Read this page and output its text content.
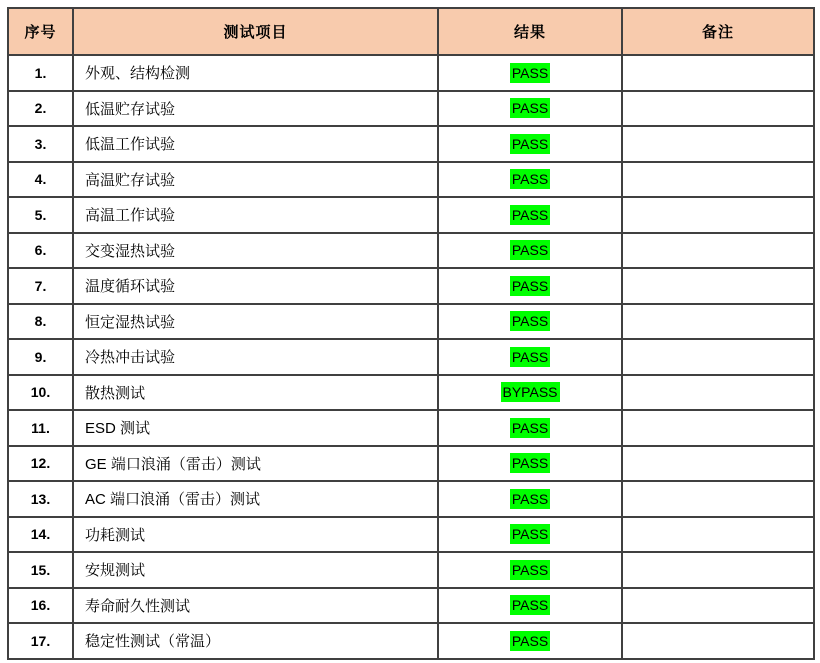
序号	测试项目	结果	备注
1.	外观、结构检测	PASS	
2.	低温贮存试验	PASS	
3.	低温工作试验	PASS	
4.	高温贮存试验	PASS	
5.	高温工作试验	PASS	
6.	交变湿热试验	PASS	
7.	温度循环试验	PASS	
8.	恒定湿热试验	PASS	
9.	冷热冲击试验	PASS	
10.	散热测试	BYPASS	
11.	ESD 测试	PASS	
12.	GE 端口浪涌（雷击）测试	PASS	
13.	AC 端口浪涌（雷击）测试	PASS	
14.	功耗测试	PASS	
15.	安规测试	PASS	
16.	寿命耐久性测试	PASS	
17.	稳定性测试（常温）	PASS	
